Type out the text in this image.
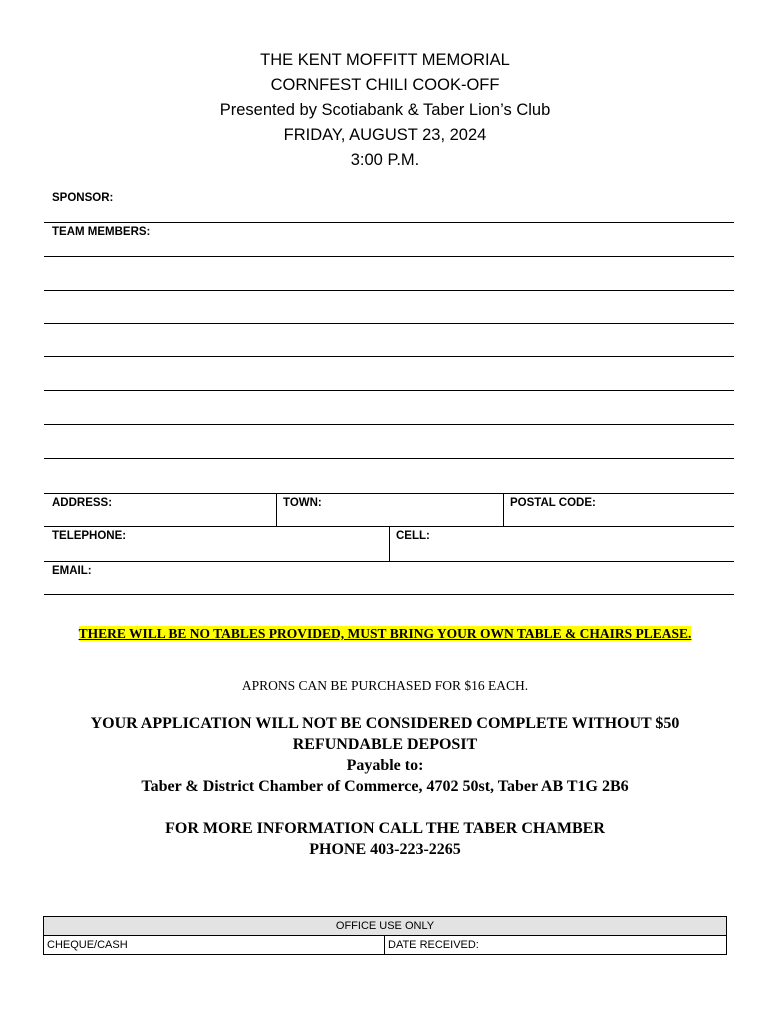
THE KENT MOFFITT MEMORIAL
CORNFEST CHILI COOK-OFF
Presented by Scotiabank & Taber Lion’s Club
FRIDAY, AUGUST 23, 2024
3:00 P.M.
SPONSOR:
TEAM MEMBERS:
ADDRESS:	TOWN:	POSTAL CODE:
TELEPHONE:	CELL:
EMAIL:
THERE WILL BE NO TABLES PROVIDED, MUST BRING YOUR OWN TABLE & CHAIRS PLEASE.
APRONS CAN BE PURCHASED FOR $16 EACH.
YOUR APPLICATION WILL NOT BE CONSIDERED COMPLETE WITHOUT $50
REFUNDABLE DEPOSIT
Payable to:
Taber & District Chamber of Commerce, 4702 50st, Taber AB T1G 2B6
FOR MORE INFORMATION CALL THE TABER CHAMBER
PHONE 403-223-2265
OFFICE USE ONLY
CHEQUE/CASH	DATE RECEIVED:
